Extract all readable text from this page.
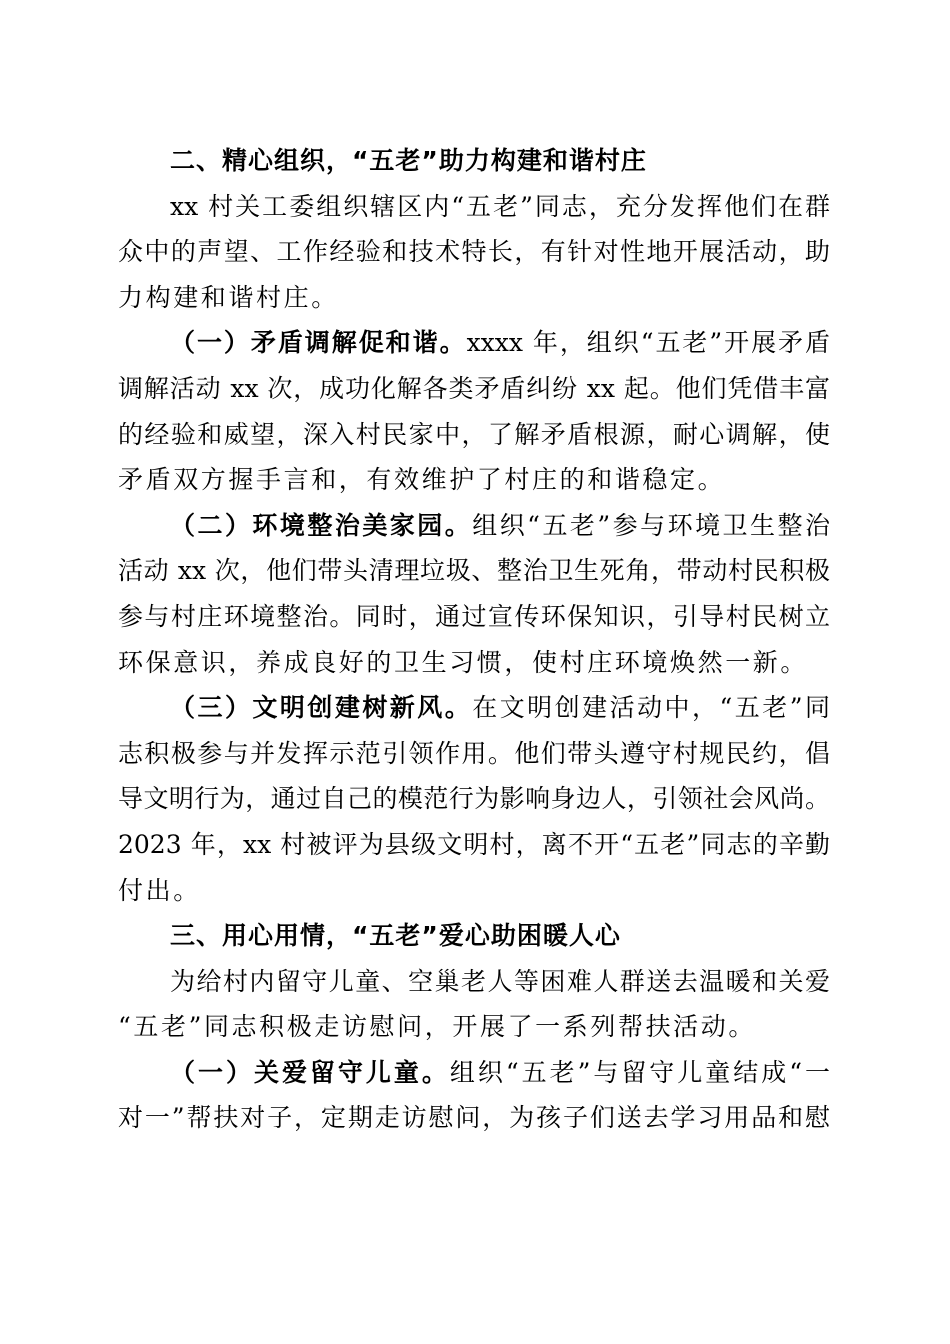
二、精心组织，“五老”助力构建和谐村庄
xx 村关工委组织辖区内“五老”同志，充分发挥他们在群
众中的声望、工作经验和技术特长，有针对性地开展活动，助
力构建和谐村庄。
（一）矛盾调解促和谐。xxxx 年，组织“五老”开展矛盾
调解活动 xx 次，成功化解各类矛盾纠纷 xx 起。他们凭借丰富
的经验和威望，深入村民家中，了解矛盾根源，耐心调解，使
矛盾双方握手言和，有效维护了村庄的和谐稳定。
（二）环境整治美家园。组织“五老”参与环境卫生整治
活动 xx 次，他们带头清理垃圾、整治卫生死角，带动村民积极
参与村庄环境整治。同时，通过宣传环保知识，引导村民树立
环保意识，养成良好的卫生习惯，使村庄环境焕然一新。
（三）文明创建树新风。在文明创建活动中，“五老”同
志积极参与并发挥示范引领作用。他们带头遵守村规民约，倡
导文明行为，通过自己的模范行为影响身边人，引领社会风尚。
2023 年，xx 村被评为县级文明村，离不开“五老”同志的辛勤
付出。
三、用心用情，“五老”爱心助困暖人心
为给村内留守儿童、空巢老人等困难人群送去温暖和关爱
“五老”同志积极走访慰问，开展了一系列帮扶活动。
（一）关爱留守儿童。组织“五老”与留守儿童结成“一
对一”帮扶对子，定期走访慰问，为孩子们送去学习用品和慰
